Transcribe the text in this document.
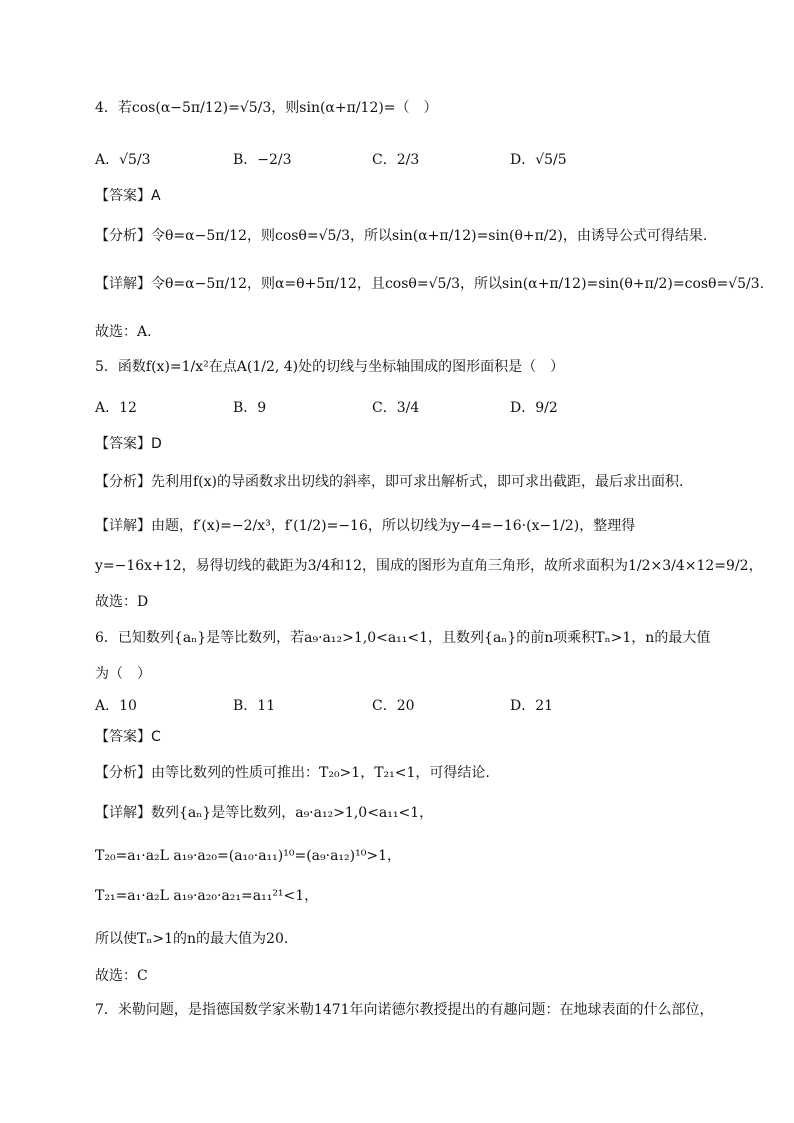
4．若cos(α−5π/12)=√5/3，则sin(α+π/12)=（　）
A．√5/3	B．−2/3	C．2/3	D．√5/5
【答案】A
【分析】令θ=α−5π/12，则cosθ=√5/3，所以sin(α+π/12)=sin(θ+π/2)，由诱导公式可得结果.
【详解】令θ=α−5π/12，则α=θ+5π/12，且cosθ=√5/3，所以sin(α+π/12)=sin(θ+π/2)=cosθ=√5/3.
故选：A.
5．函数f(x)=1/x²在点A(1/2, 4)处的切线与坐标轴围成的图形面积是（　）
A．12	B．9	C．3/4	D．9/2
【答案】D
【分析】先利用f(x)的导函数求出切线的斜率，即可求出解析式，即可求出截距，最后求出面积.
【详解】由题，f′(x)=−2/x³，f′(1/2)=−16，所以切线为y−4=−16·(x−1/2)，整理得
y=−16x+12，易得切线的截距为3/4和12，围成的图形为直角三角形，故所求面积为1/2×3/4×12=9/2，
故选：D
6．已知数列{aₙ}是等比数列，若a₉·a₁₂>1,0<a₁₁<1，且数列{aₙ}的前n项乘积Tₙ>1，n的最大值
为（　）
A．10	B．11	C．20	D．21
【答案】C
【分析】由等比数列的性质可推出：T₂₀>1，T₂₁<1，可得结论.
【详解】数列{aₙ}是等比数列，a₉·a₁₂>1,0<a₁₁<1，
T₂₀=a₁·a₂L a₁₉·a₂₀=(a₁₀·a₁₁)¹⁰=(a₉·a₁₂)¹⁰>1，
T₂₁=a₁·a₂L a₁₉·a₂₀·a₂₁=a₁₁²¹<1，
所以使Tₙ>1的n的最大值为20.
故选：C
7．米勒问题，是指德国数学家米勒1471年向诺德尔教授提出的有趣问题：在地球表面的什么部位，
